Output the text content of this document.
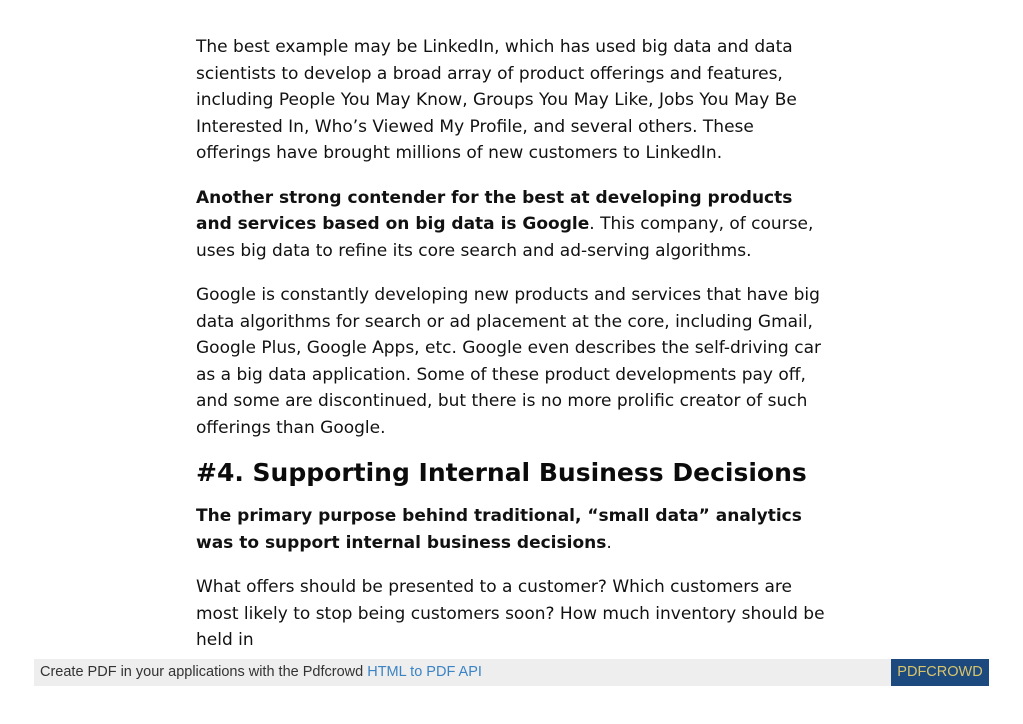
The best example may be LinkedIn, which has used big data and data scientists to develop a broad array of product offerings and features, including People You May Know, Groups You May Like, Jobs You May Be Interested In, Who’s Viewed My Profile, and several others. These offerings have brought millions of new customers to LinkedIn.

Another strong contender for the best at developing products and services based on big data is Google. This company, of course, uses big data to refine its core search and ad-serving algorithms.

Google is constantly developing new products and services that have big data algorithms for search or ad placement at the core, including Gmail, Google Plus, Google Apps, etc. Google even describes the self-driving car as a big data application. Some of these product developments pay off, and some are discontinued, but there is no more prolific creator of such offerings than Google.

#4. Supporting Internal Business Decisions

The primary purpose behind traditional, “small data” analytics was to support internal business decisions.

What offers should be presented to a customer? Which customers are most likely to stop being customers soon? How much inventory should be held in

Create PDF in your applications with the Pdfcrowd HTML to PDF API	PDFCROWD
